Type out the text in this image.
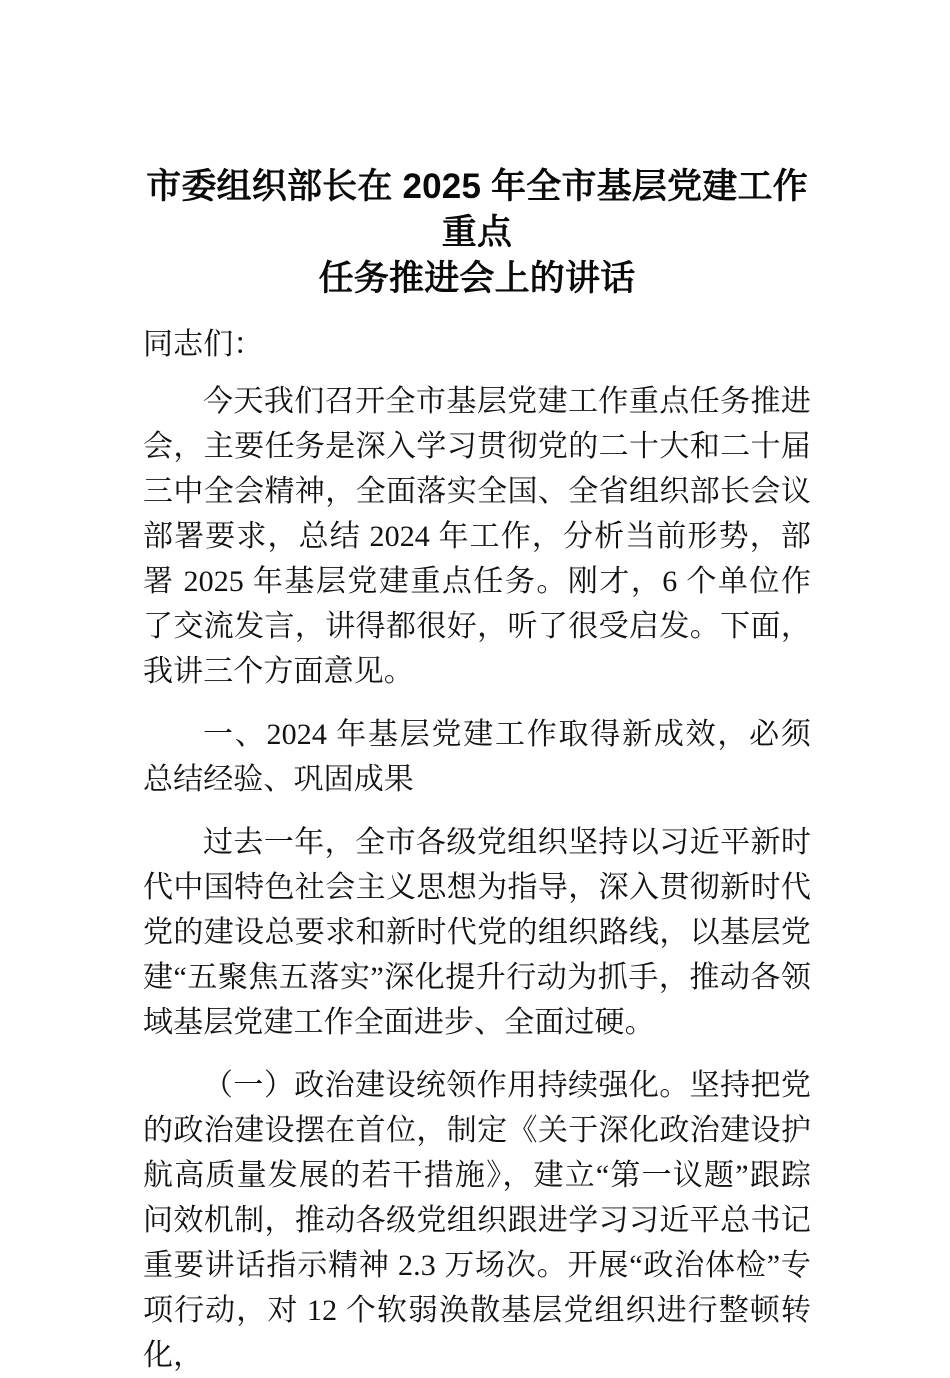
市委组织部长在 2025 年全市基层党建工作重点
任务推进会上的讲话

同志们：

今天我们召开全市基层党建工作重点任务推进会，主要任务是深入学习贯彻党的二十大和二十届三中全会精神，全面落实全国、全省组织部长会议部署要求，总结 2024 年工作，分析当前形势，部署 2025 年基层党建重点任务。刚才，6 个单位作了交流发言，讲得都很好，听了很受启发。下面，我讲三个方面意见。

一、2024 年基层党建工作取得新成效，必须总结经验、巩固成果

过去一年，全市各级党组织坚持以习近平新时代中国特色社会主义思想为指导，深入贯彻新时代党的建设总要求和新时代党的组织路线，以基层党建“五聚焦五落实”深化提升行动为抓手，推动各领域基层党建工作全面进步、全面过硬。

（一）政治建设统领作用持续强化。坚持把党的政治建设摆在首位，制定《关于深化政治建设护航高质量发展的若干措施》，建立“第一议题”跟踪问效机制，推动各级党组织跟进学习习近平总书记重要讲话指示精神 2.3 万场次。开展“政治体检”专项行动，对 12 个软弱涣散基层党组织进行整顿转化，
